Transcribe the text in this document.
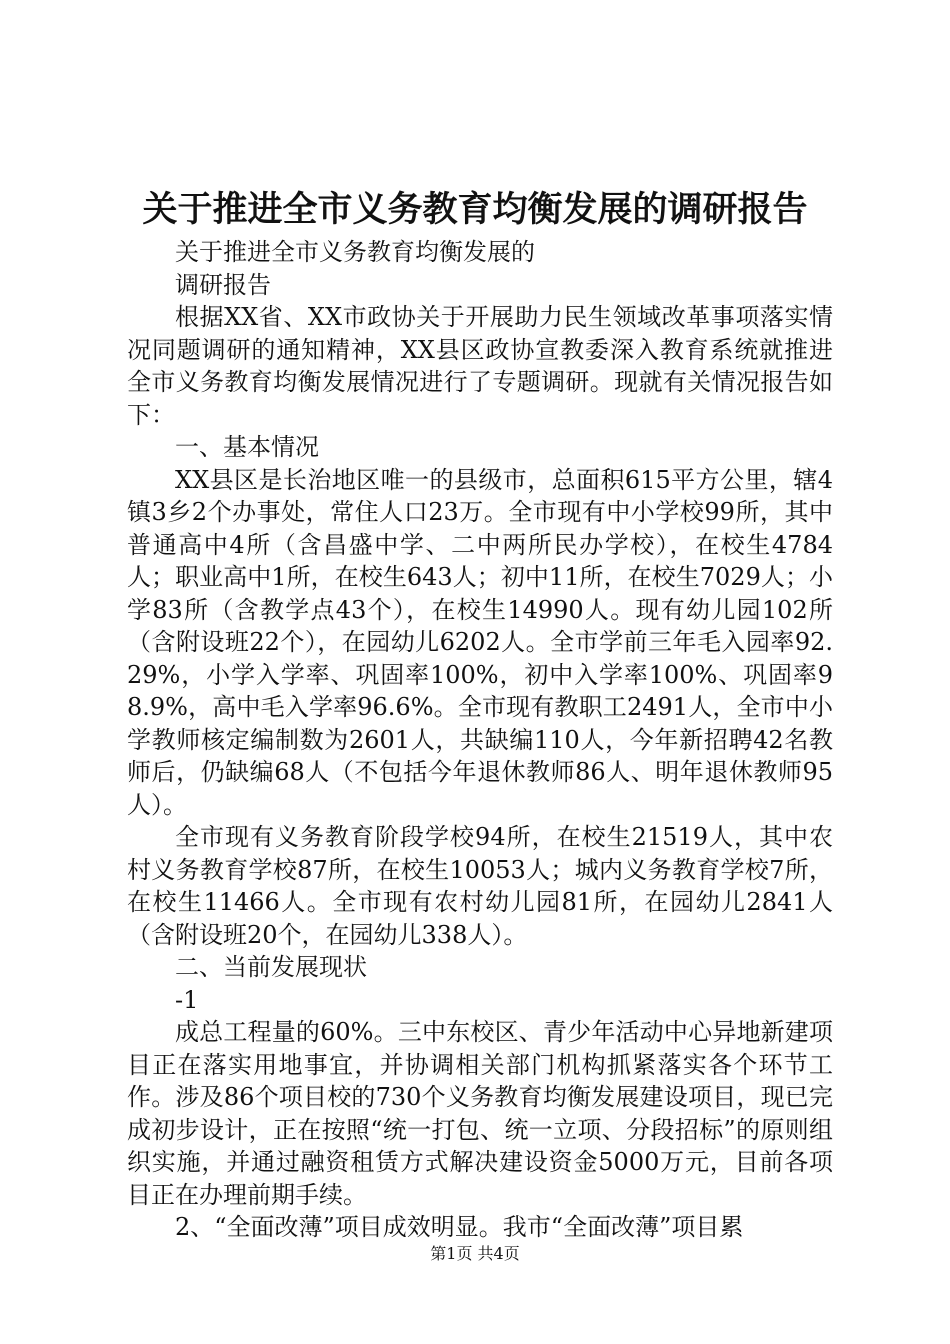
关于推进全市义务教育均衡发展的调研报告

关于推进全市义务教育均衡发展的

调研报告

根据XX省、XX市政协关于开展助力民生领域改革事项落实情况同题调研的通知精神，XX县区政协宣教委深入教育系统就推进全市义务教育均衡发展情况进行了专题调研。现就有关情况报告如下：

一、基本情况

XX县区是长治地区唯一的县级市，总面积615平方公里，辖4镇3乡2个办事处，常住人口23万。全市现有中小学校99所，其中普通高中4所（含昌盛中学、二中两所民办学校），在校生4784人；职业高中1所，在校生643人；初中11所，在校生7029人；小学83所（含教学点43个），在校生14990人。现有幼儿园102所（含附设班22个），在园幼儿6202人。全市学前三年毛入园率92.29%，小学入学率、巩固率100%，初中入学率100%、巩固率98.9%，高中毛入学率96.6%。全市现有教职工2491人，全市中小学教师核定编制数为2601人，共缺编110人，今年新招聘42名教师后，仍缺编68人（不包括今年退休教师86人、明年退休教师95人）。

全市现有义务教育阶段学校94所，在校生21519人，其中农村义务教育学校87所，在校生10053人；城内义务教育学校7所，在校生11466人。全市现有农村幼儿园81所，在园幼儿2841人（含附设班20个，在园幼儿338人）。

二、当前发展现状

-1

成总工程量的60%。三中东校区、青少年活动中心异地新建项目正在落实用地事宜，并协调相关部门机构抓紧落实各个环节工作。涉及86个项目校的730个义务教育均衡发展建设项目，现已完成初步设计，正在按照“统一打包、统一立项、分段招标”的原则组织实施，并通过融资租赁方式解决建设资金5000万元，目前各项目正在办理前期手续。

2、“全面改薄”项目成效明显。我市“全面改薄”项目累

第1页 共4页
